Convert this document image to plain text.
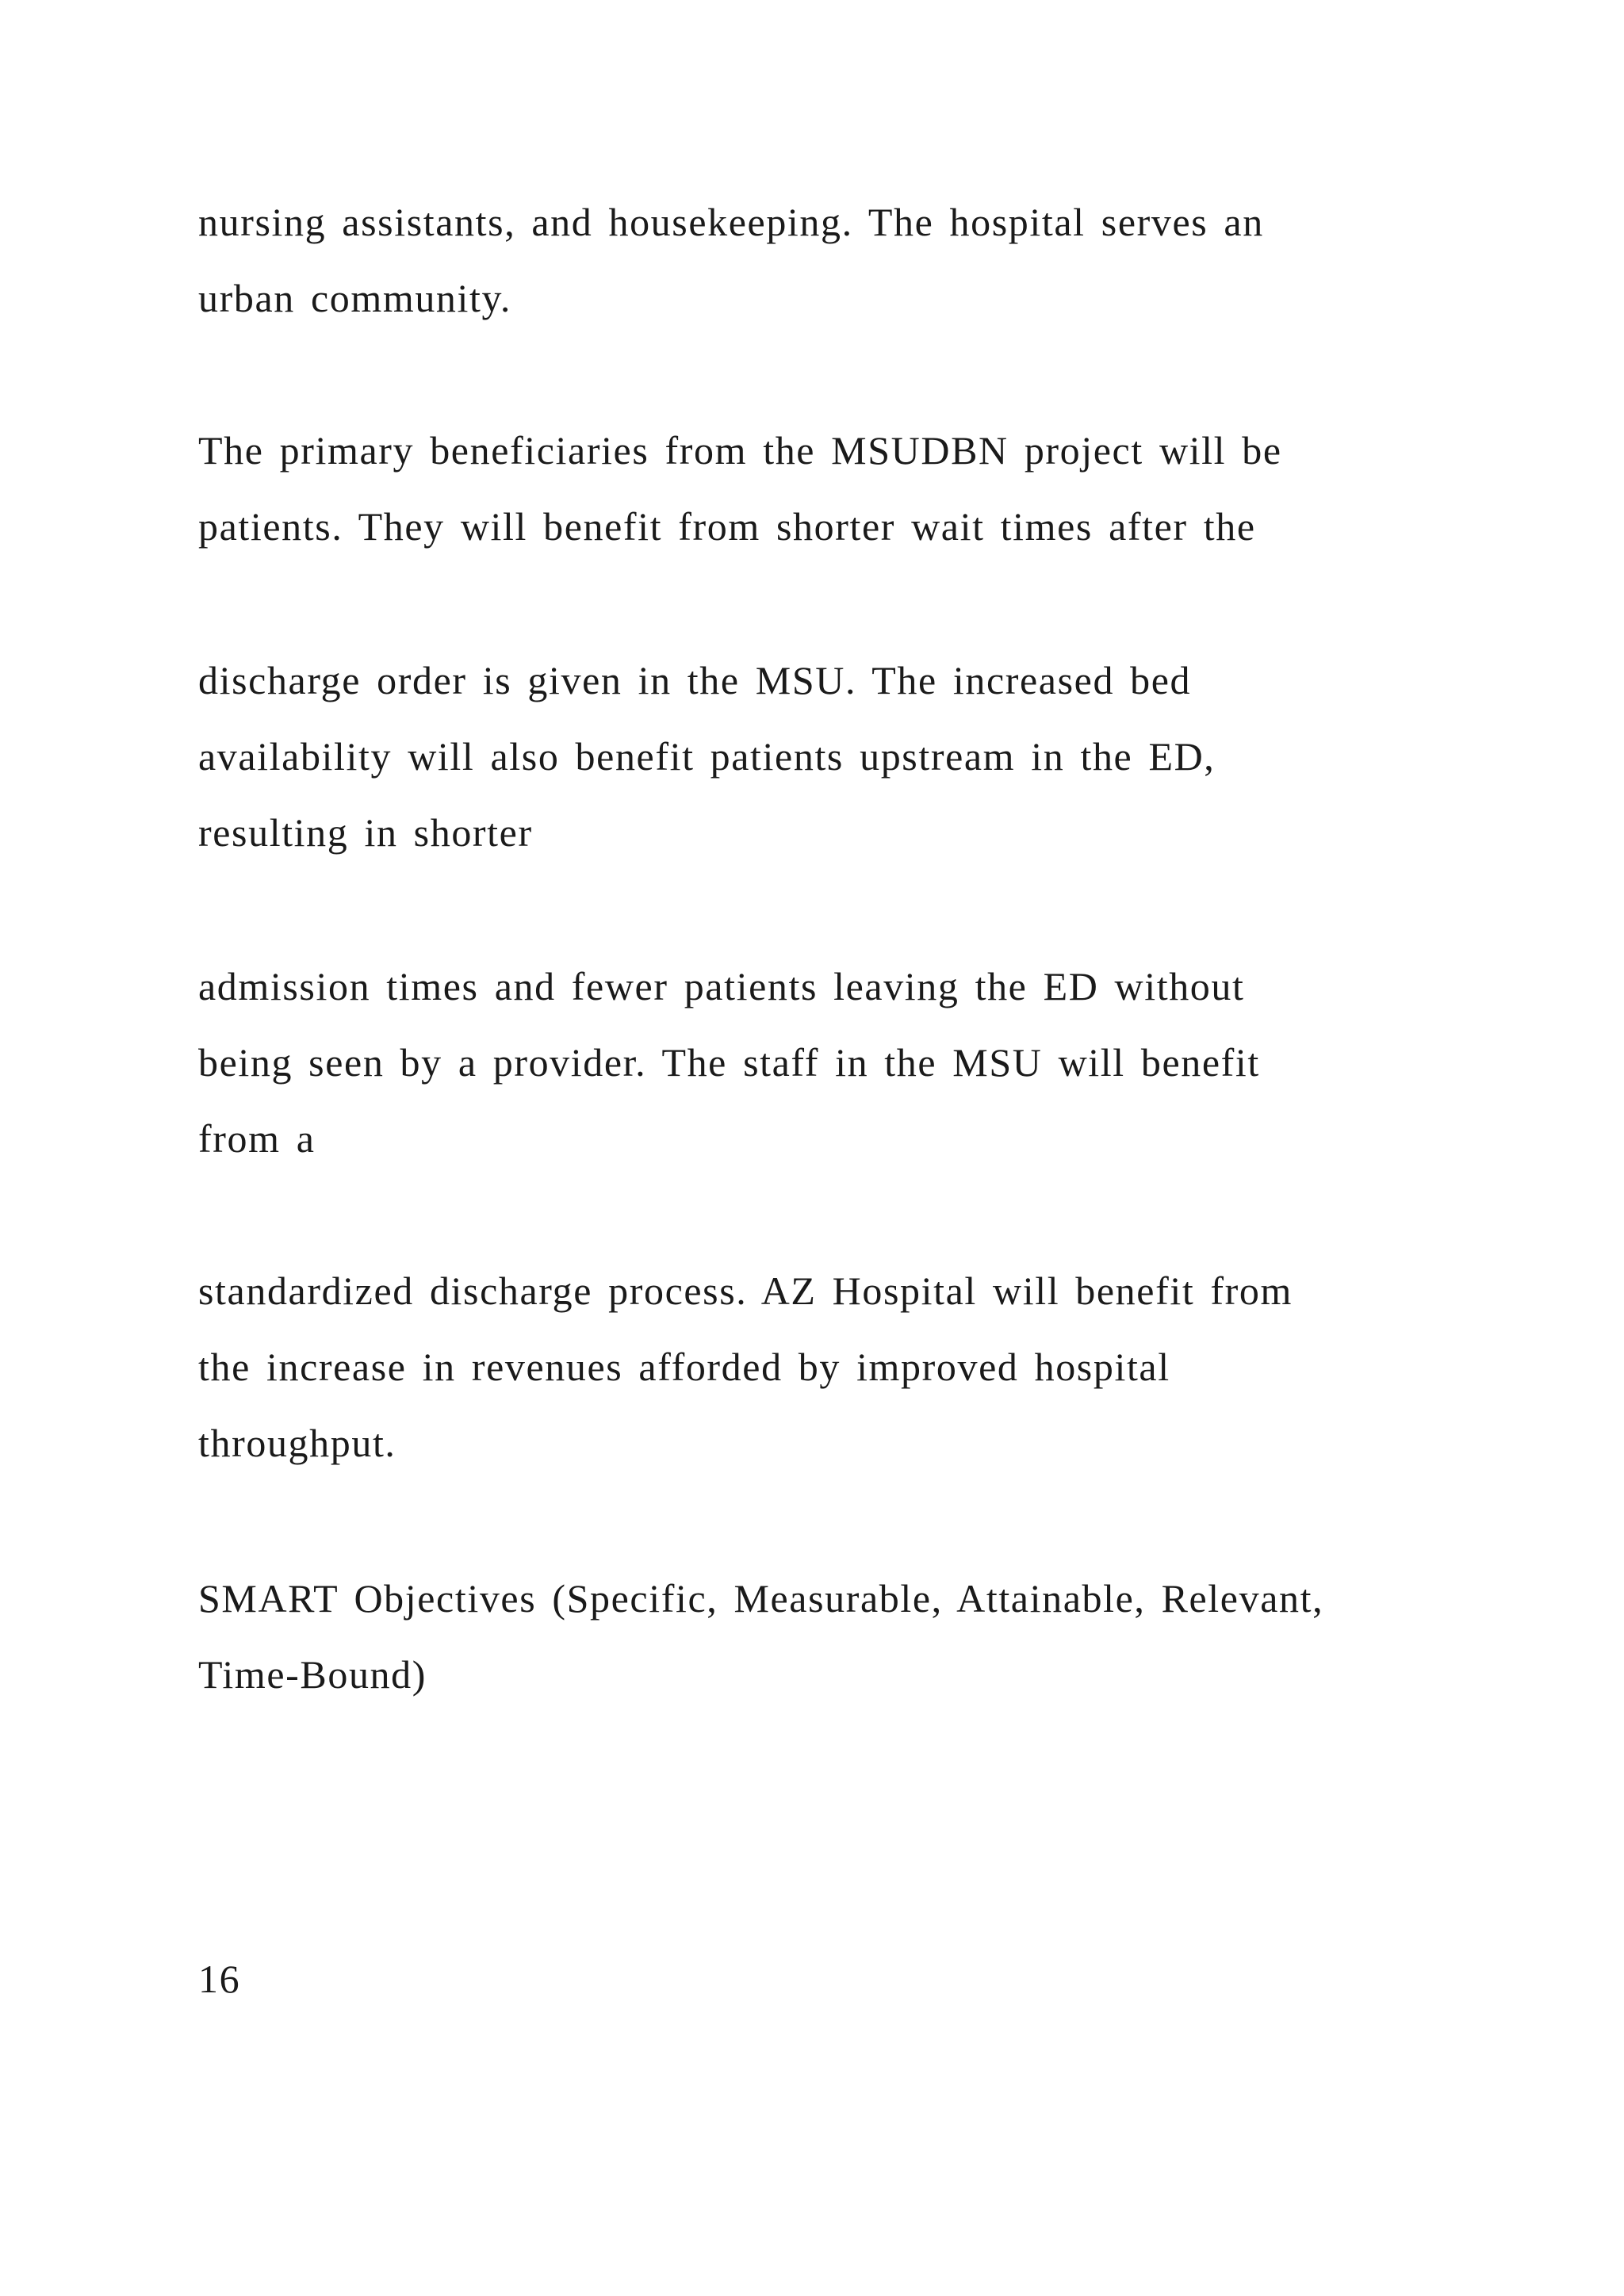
nursing assistants, and housekeeping. The hospital serves an
urban community.
The primary beneficiaries from the MSUDBN project will be
patients. They will benefit from shorter wait times after the
discharge order is given in the MSU. The increased bed
availability will also benefit patients upstream in the ED,
resulting in shorter
admission times and fewer patients leaving the ED without
being seen by a provider. The staff in the MSU will benefit
from a
standardized discharge process. AZ Hospital will benefit from
the increase in revenues afforded by improved hospital
throughput.
SMART Objectives (Specific, Measurable, Attainable, Relevant,
Time-Bound)
16
